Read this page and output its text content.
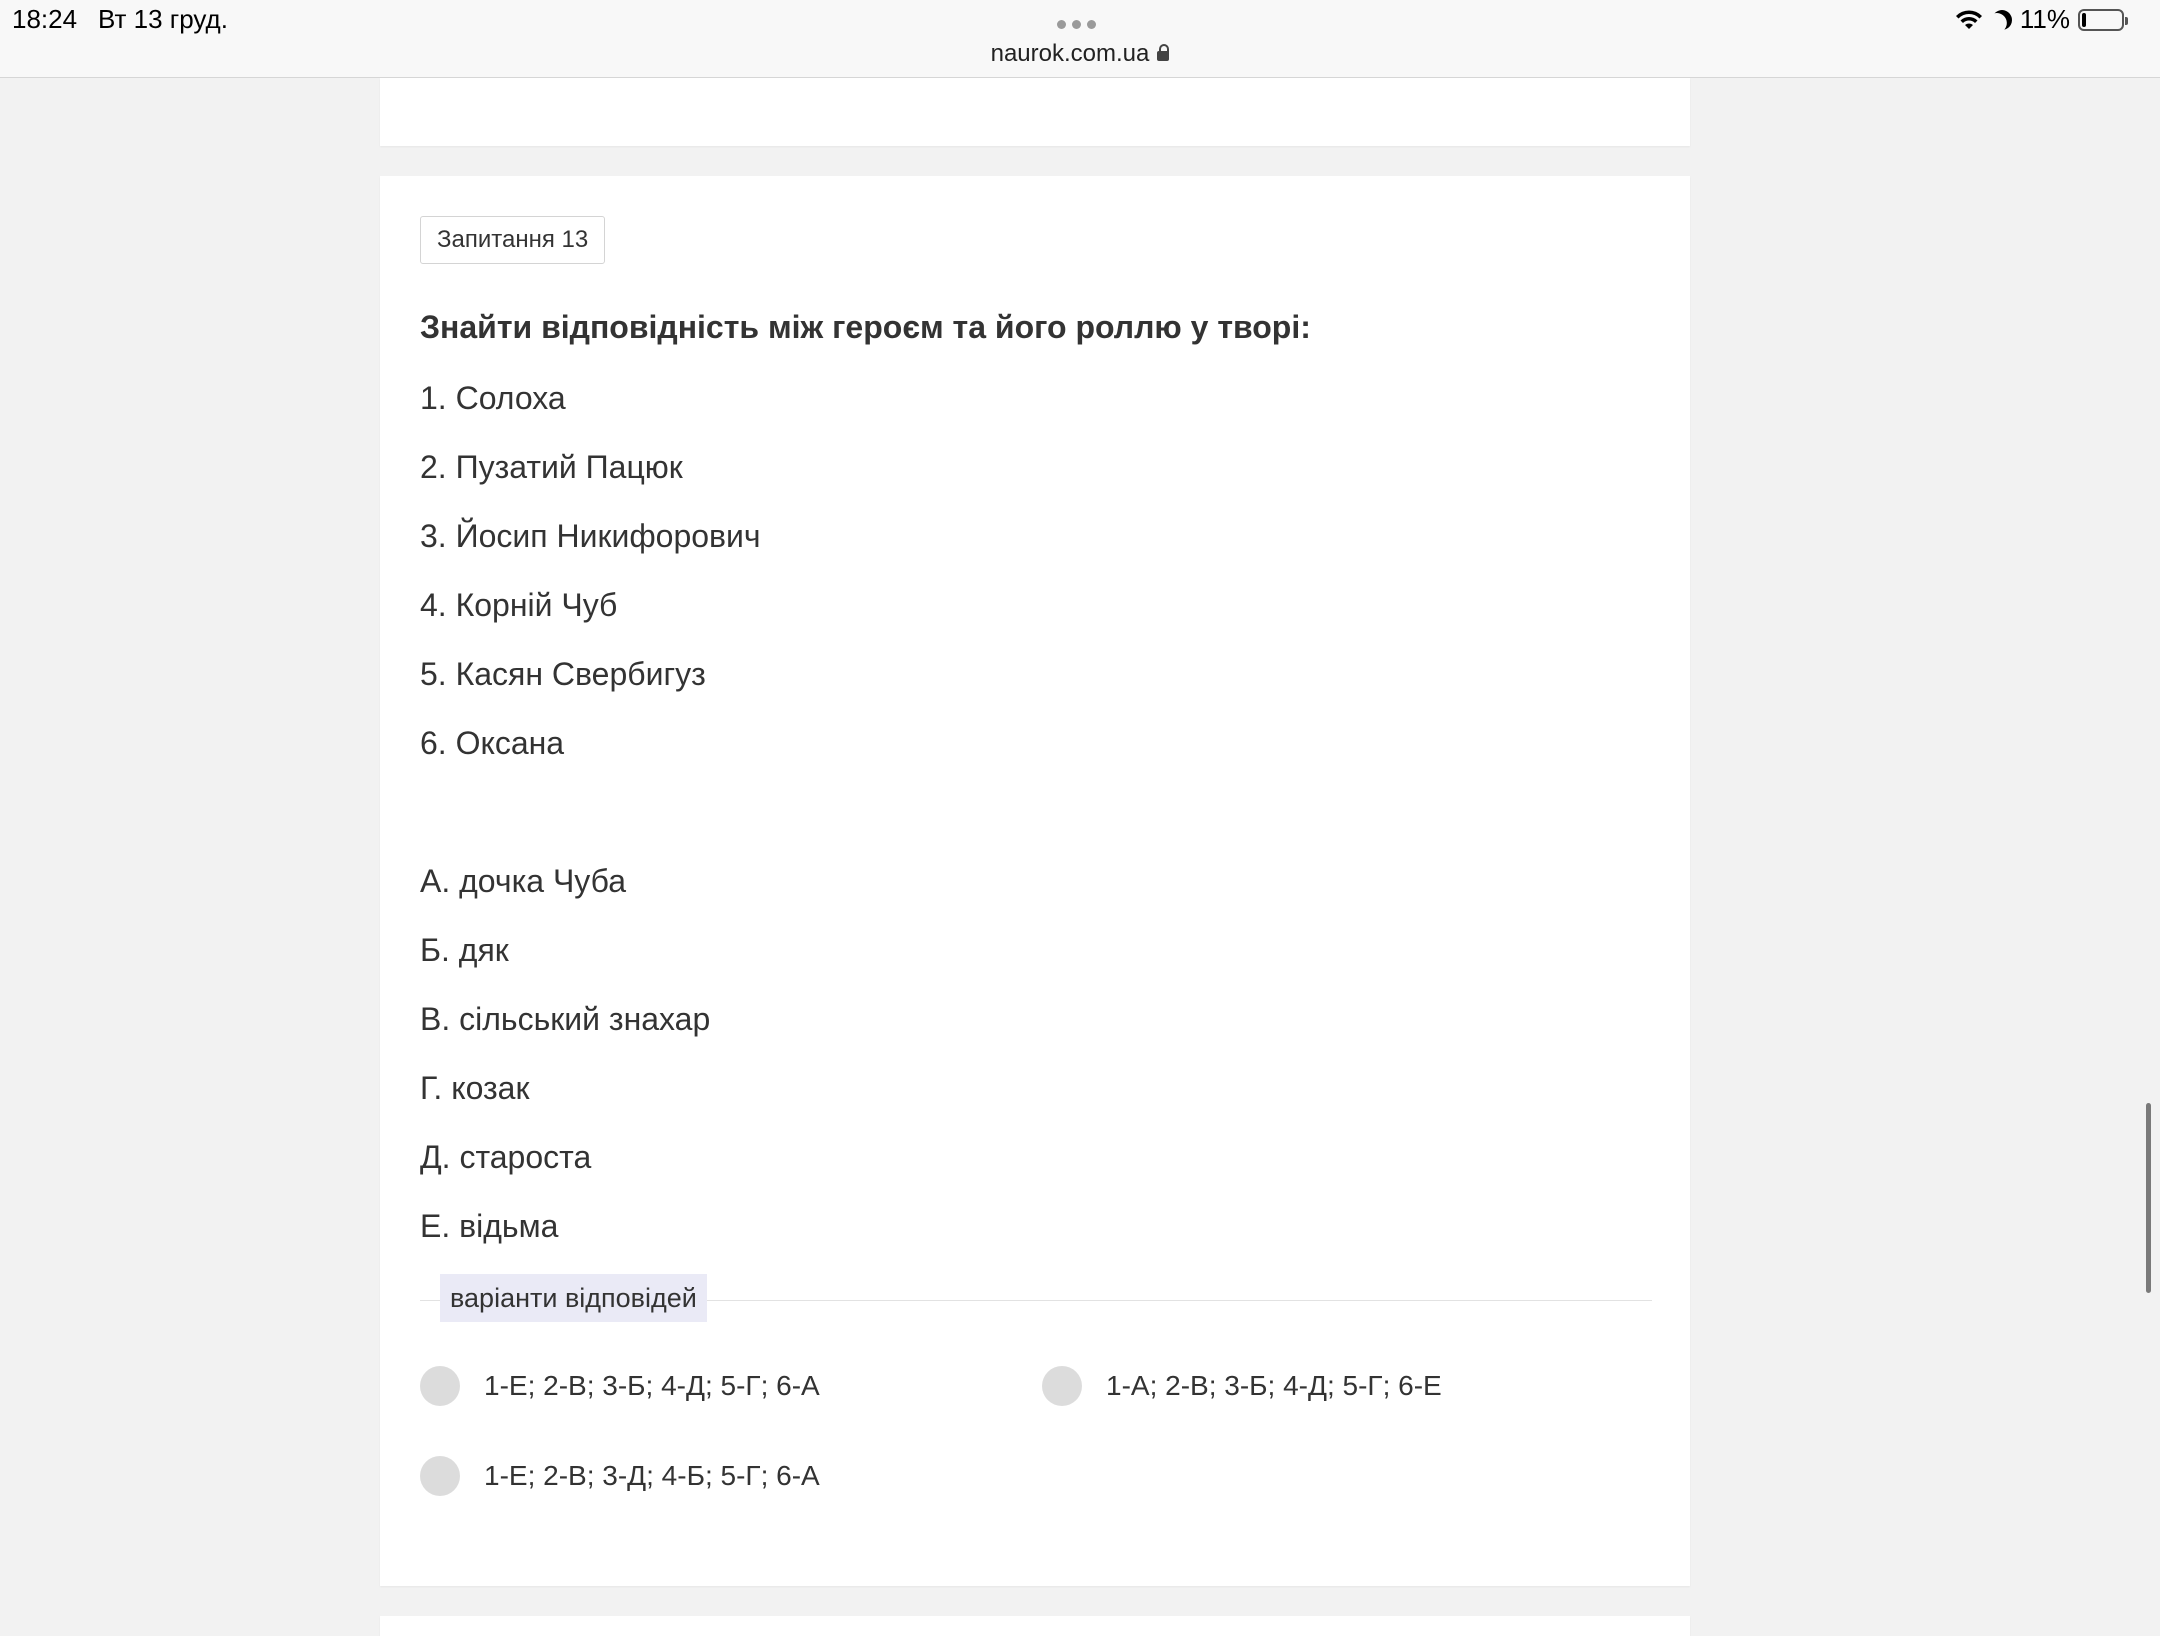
18:24 Вт 13 груд.
naurok.com.ua
11%
Запитання 13
Знайти відповідність між героєм та його роллю у творі:
1. Солоха
2. Пузатий Пацюк
3. Йосип Никифорович
4. Корній Чуб
5. Касян Свербигуз
6. Оксана
А. дочка Чуба
Б. дяк
В. сільський знахар
Г. козак
Д. староста
Е. відьма
варіанти відповідей
1-Е; 2-В; 3-Б; 4-Д; 5-Г; 6-А	1-А; 2-В; 3-Б; 4-Д; 5-Г; 6-Е
1-Е; 2-В; 3-Д; 4-Б; 5-Г; 6-А
